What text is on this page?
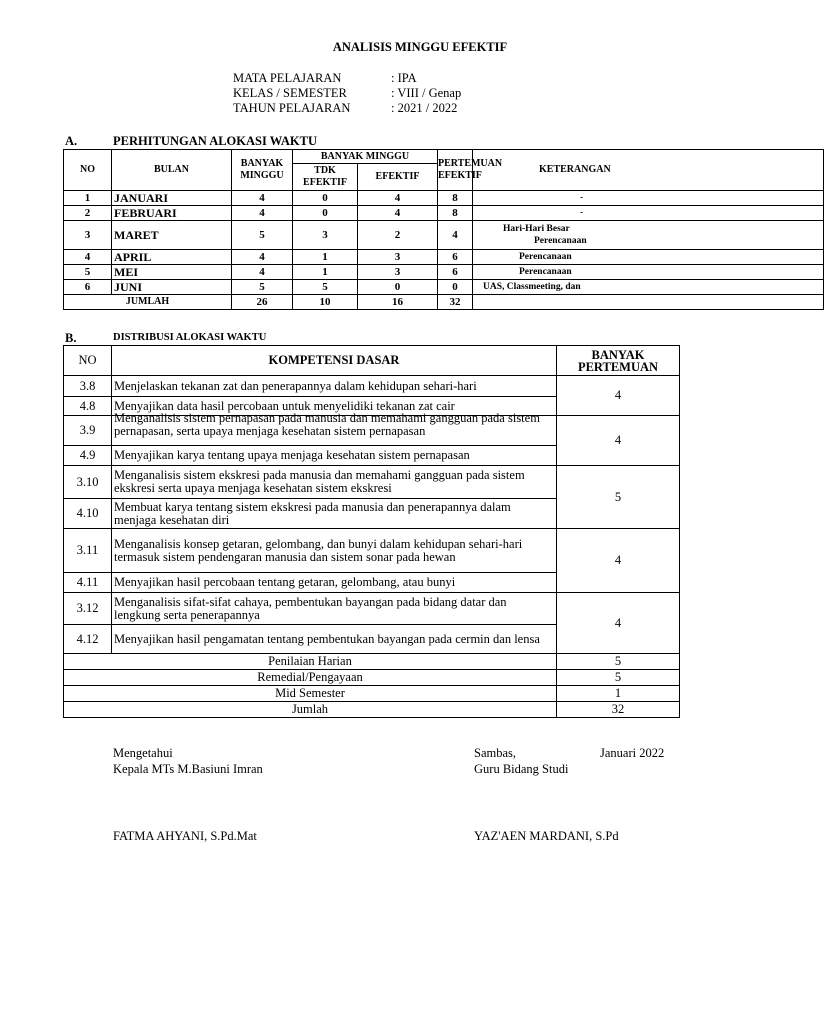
ANALISIS MINGGU EFEKTIF
MATA PELAJARAN	: IPA
KELAS / SEMESTER	: VIII / Genap
TAHUN PELAJARAN	: 2021 / 2022
A.	PERHITUNGAN ALOKASI WAKTU
NO	BULAN	BANYAK MINGGU	BANYAK MINGGU		PERTEMUAN EFEKTIF	KETERANGAN
			TDK EFEKTIF	EFEKTIF		
1	JANUARI	4	0	4	8	-
2	FEBRUARI	4	0	4	8	-
3	MARET	5	3	2	4	Hari-Hari Besar
Perencanaan

4	APRIL	4	1	3	6	Perencanaan
5	MEI	4	1	3	6	Perencanaan
6	JUNI	5	5	0	0	UAS, Classmeeting, dan
JUMLAH		26	10	16	32	
B.	DISTRIBUSI ALOKASI WAKTU
NO	KOMPETENSI DASAR	BANYAK PERTEMUAN
3.8	Menjelaskan tekanan zat dan penerapannya dalam kehidupan sehari-hari	4
4.8	Menyajikan data hasil percobaan untuk menyelidiki tekanan zat cair	
3.9	Menganalisis sistem pernapasan pada manusia dan memahami gangguan pada sistem pernapasan, serta upaya menjaga kesehatan sistem pernapasan	4
4.9	Menyajikan karya tentang upaya menjaga kesehatan sistem pernapasan	
3.10	Menganalisis sistem ekskresi pada manusia dan memahami gangguan pada sistem ekskresi serta upaya menjaga kesehatan sistem ekskresi	5
4.10	Membuat karya tentang sistem ekskresi pada manusia dan penerapannya dalam menjaga kesehatan diri	
3.11	Menganalisis konsep getaran, gelombang, dan bunyi dalam kehidupan sehari-hari termasuk sistem pendengaran manusia dan sistem sonar pada hewan	4
4.11	Menyajikan hasil percobaan tentang getaran, gelombang, atau bunyi	
3.12	Menganalisis sifat-sifat cahaya, pembentukan bayangan pada bidang datar dan lengkung serta penerapannya	4
4.12	Menyajikan hasil pengamatan tentang pembentukan bayangan pada cermin dan lensa	
Penilaian Harian		5
Remedial/Pengayaan		5
Mid Semester		1
Jumlah		32
Mengetahui
Kepala MTs M.Basiuni Imran
FATMA AHYANI, S.Pd.Mat
Sambas,
Guru Bidang Studi
Januari 2022
YAZ'AEN MARDANI, S.Pd
